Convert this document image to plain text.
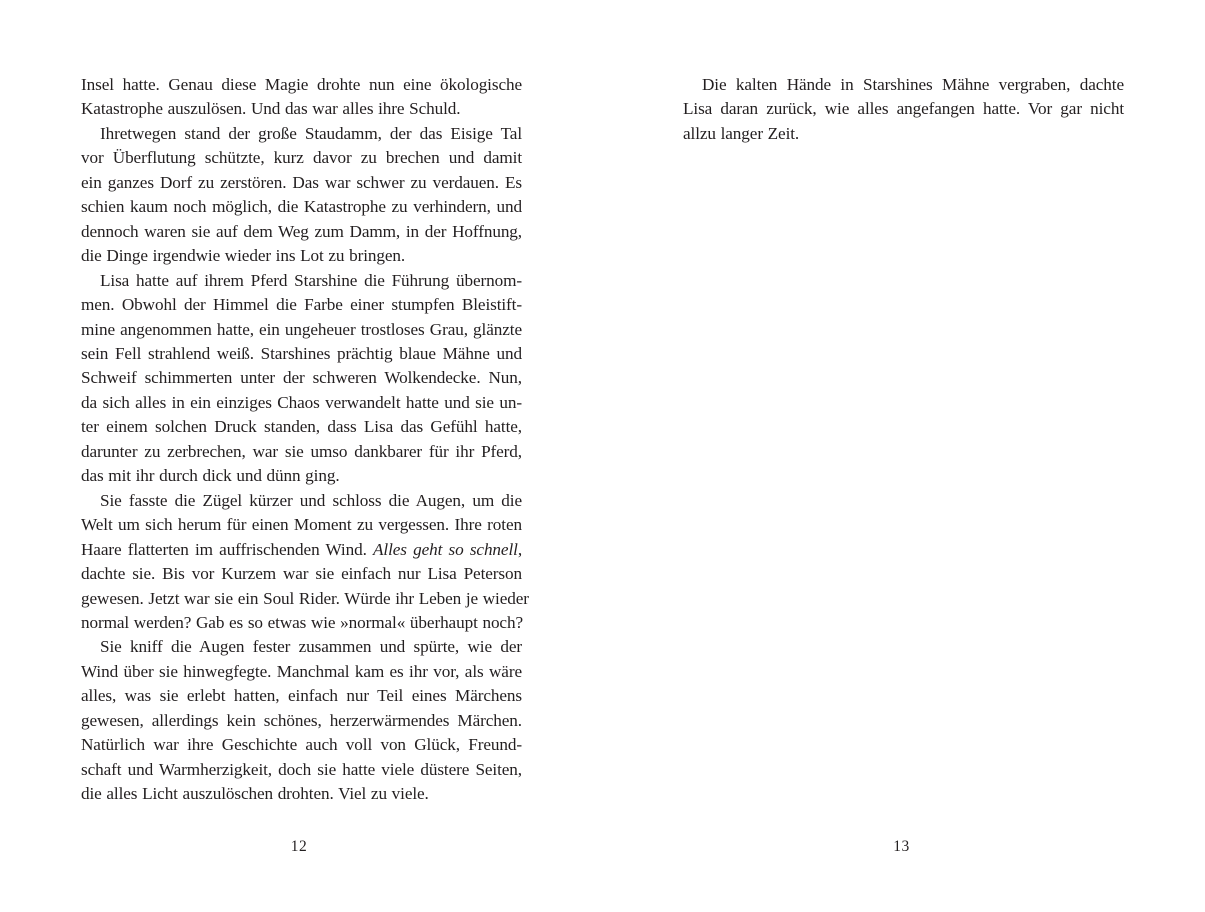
Insel hatte. Genau diese Magie drohte nun eine ökologische
Katastrophe auszulösen. Und das war alles ihre Schuld.

Ihretwegen stand der große Staudamm, der das Eisige Tal
vor Überflutung schützte, kurz davor zu brechen und damit
ein ganzes Dorf zu zerstören. Das war schwer zu verdauen. Es
schien kaum noch möglich, die Katastrophe zu verhindern, und
dennoch waren sie auf dem Weg zum Damm, in der Hoffnung,
die Dinge irgendwie wieder ins Lot zu bringen.

Lisa hatte auf ihrem Pferd Starshine die Führung übernom-
men. Obwohl der Himmel die Farbe einer stumpfen Bleistift-
mine angenommen hatte, ein ungeheuer trostloses Grau, glänzte
sein Fell strahlend weiß. Starshines prächtig blaue Mähne und
Schweif schimmerten unter der schweren Wolkendecke. Nun,
da sich alles in ein einziges Chaos verwandelt hatte und sie un-
ter einem solchen Druck standen, dass Lisa das Gefühl hatte,
darunter zu zerbrechen, war sie umso dankbarer für ihr Pferd,
das mit ihr durch dick und dünn ging.

Sie fasste die Zügel kürzer und schloss die Augen, um die
Welt um sich herum für einen Moment zu vergessen. Ihre roten
Haare flatterten im auffrischenden Wind. Alles geht so schnell,
dachte sie. Bis vor Kurzem war sie einfach nur Lisa Peterson
gewesen. Jetzt war sie ein Soul Rider. Würde ihr Leben je wieder
normal werden? Gab es so etwas wie »normal« überhaupt noch?

Sie kniff die Augen fester zusammen und spürte, wie der
Wind über sie hinwegfegte. Manchmal kam es ihr vor, als wäre
alles, was sie erlebt hatten, einfach nur Teil eines Märchens
gewesen, allerdings kein schönes, herzerwärmendes Märchen.
Natürlich war ihre Geschichte auch voll von Glück, Freund-
schaft und Warmherzigkeit, doch sie hatte viele düstere Seiten,
die alles Licht auszulöschen drohten. Viel zu viele.

12

Die kalten Hände in Starshines Mähne vergraben, dachte
Lisa daran zurück, wie alles angefangen hatte. Vor gar nicht
allzu langer Zeit.

13
